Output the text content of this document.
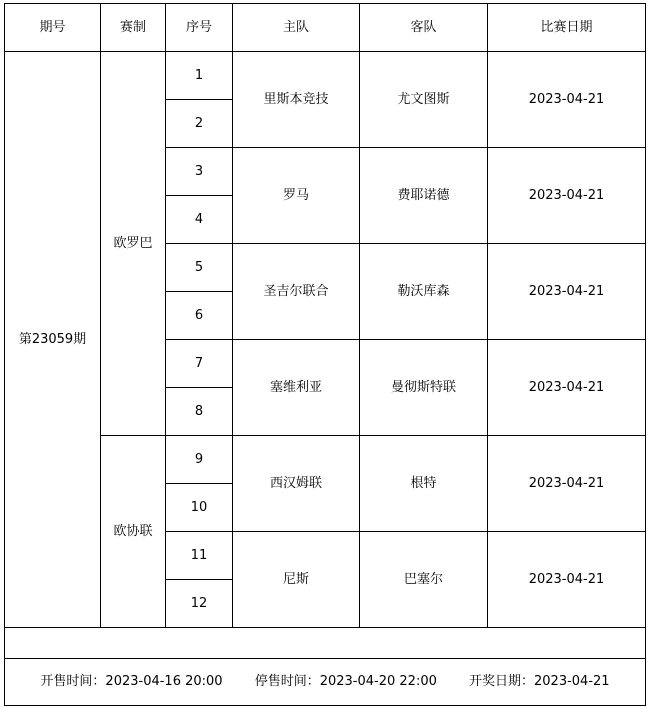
期号	赛制	序号	主队	客队	比赛日期
第23059期	欧罗巴	1	里斯本竞技	尤文图斯	2023-04-21
		2			
		3	罗马	费耶诺德	2023-04-21
		4			
		5	圣吉尔联合	勒沃库森	2023-04-21
		6			
		7	塞维利亚	曼彻斯特联	2023-04-21
		8			
	欧协联	9	西汉姆联	根特	2023-04-21
		10			
		11	尼斯	巴塞尔	2023-04-21
		12			

开售时间：2023-04-16 20:00 停售时间：2023-04-20 22:00 开奖日期：2023-04-21					
